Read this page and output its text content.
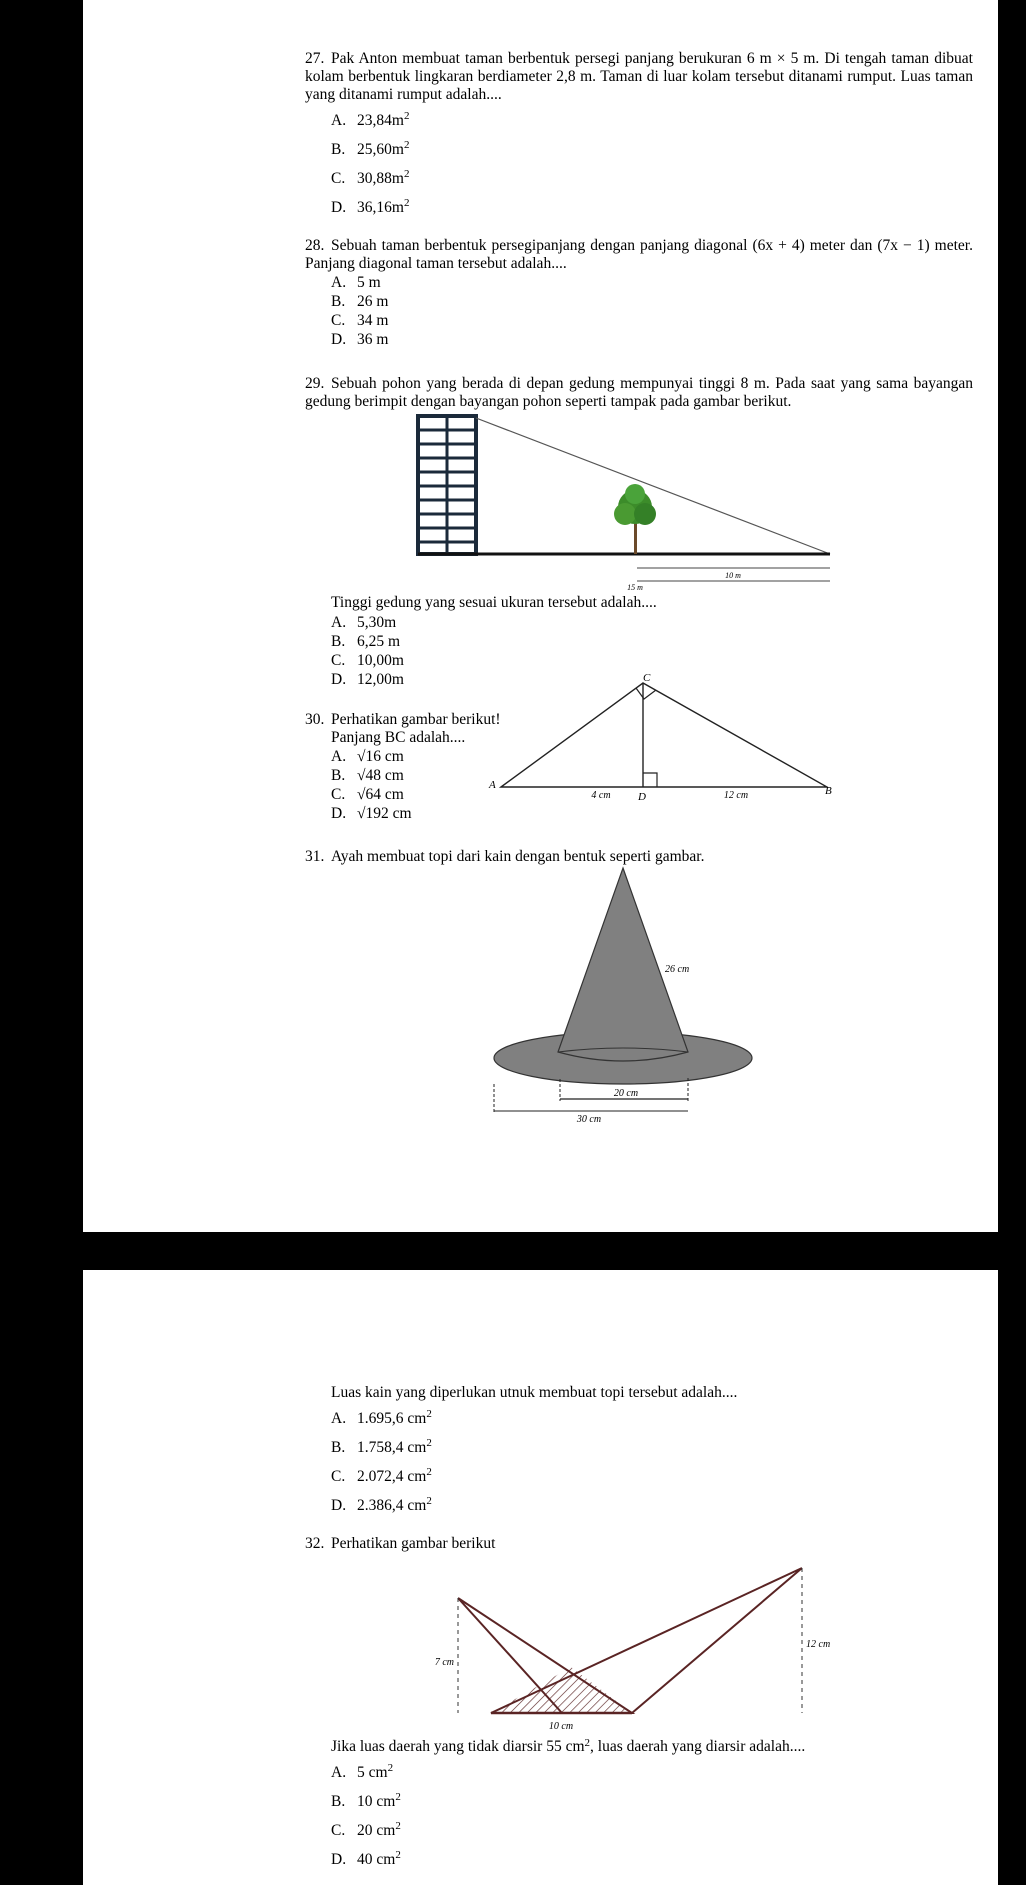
27. Pak Anton membuat taman berbentuk persegi panjang berukuran 6 m × 5 m. Di tengah taman dibuat kolam berbentuk lingkaran berdiameter 2,8 m. Taman di luar kolam tersebut ditanami rumput. Luas taman yang ditanami rumput adalah....

A. $23,84m^2$
B. $25,60m^2$
C. $30,88m^2$
D. $36,16m^2$

28. Sebuah taman berbentuk persegipanjang dengan panjang diagonal (6x + 4) meter dan (7x − 1) meter. Panjang diagonal taman tersebut adalah....

A. 5 m
B. 26 m
C. 34 m
D. 36 m

29. Sebuah pohon yang berada di depan gedung mempunyai tinggi 8 m. Pada saat yang sama bayangan gedung berimpit dengan bayangan pohon seperti tampak pada gambar berikut.

10 m
15 m

Tinggi gedung yang sesuai ukuran tersebut adalah....

A. 5,30m
B. 6,25 m
C. 10,00m
D. 12,00m

30. Perhatikan gambar berikut!

Panjang BC adalah....

A. √16 cm
B. √48 cm
C. √64 cm
D. √192 cm
A
C
D	B
4 cm	12 cm

31. Ayah membuat topi dari kain dengan bentuk seperti gambar.

26 cm
20 cm
30 cm

Luas kain yang diperlukan utnuk membuat topi tersebut adalah....

A. 1.695,6 $cm^2$
B. 1.758,4 $cm^2$
C. 2.072,4 $cm^2$
D. 2.386,4 $cm^2$

32. Perhatikan gambar berikut

7 cm
12 cm
10 cm

Jika luas daerah yang tidak diarsir 55 $cm^2$, luas daerah yang diarsir adalah....

A. 5 $cm^2$
B. 10 $cm^2$
C. 20 $cm^2$
D. 40 $cm^2$
